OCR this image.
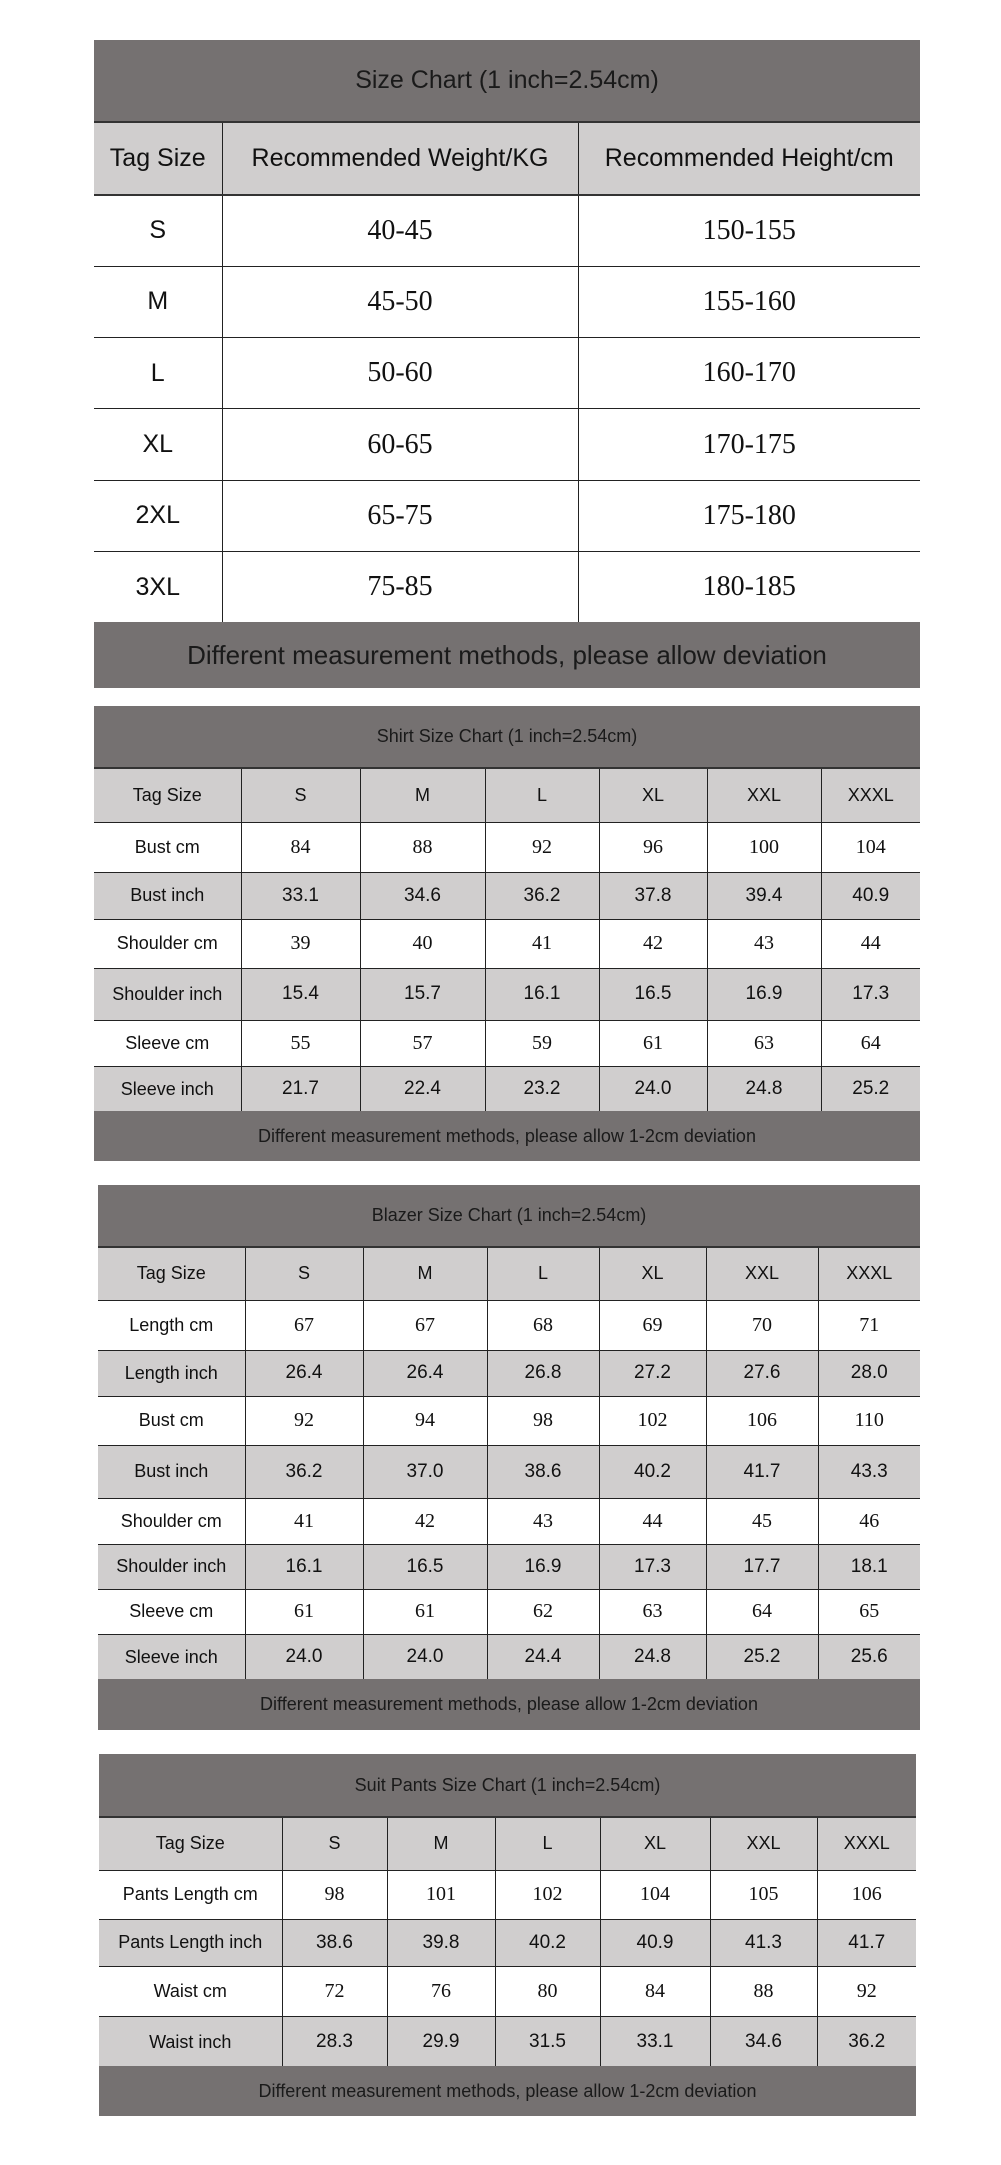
Size Chart (1 inch=2.54cm)
Tag Size	Recommended Weight/KG	Recommended Height/cm
S	40-45	150-155
M	45-50	155-160
L	50-60	160-170
XL	60-65	170-175
2XL	65-75	175-180
3XL	75-85	180-185
Different measurement methods, please allow deviation
Shirt Size Chart (1 inch=2.54cm)
Tag Size	S	M	L	XL	XXL	XXXL
Bust cm	84	88	92	96	100	104
Bust inch	33.1	34.6	36.2	37.8	39.4	40.9
Shoulder cm	39	40	41	42	43	44
Shoulder inch	15.4	15.7	16.1	16.5	16.9	17.3
Sleeve cm	55	57	59	61	63	64
Sleeve inch	21.7	22.4	23.2	24.0	24.8	25.2
Different measurement methods, please allow 1-2cm deviation
Blazer Size Chart (1 inch=2.54cm)
Tag Size	S	M	L	XL	XXL	XXXL
Length cm	67	67	68	69	70	71
Length inch	26.4	26.4	26.8	27.2	27.6	28.0
Bust cm	92	94	98	102	106	110
Bust inch	36.2	37.0	38.6	40.2	41.7	43.3
Shoulder cm	41	42	43	44	45	46
Shoulder inch	16.1	16.5	16.9	17.3	17.7	18.1
Sleeve cm	61	61	62	63	64	65
Sleeve inch	24.0	24.0	24.4	24.8	25.2	25.6
Different measurement methods, please allow 1-2cm deviation
Suit Pants Size Chart (1 inch=2.54cm)
Tag Size	S	M	L	XL	XXL	XXXL
Pants Length cm	98	101	102	104	105	106
Pants Length inch	38.6	39.8	40.2	40.9	41.3	41.7
Waist cm	72	76	80	84	88	92
Waist inch	28.3	29.9	31.5	33.1	34.6	36.2
Different measurement methods, please allow 1-2cm deviation
